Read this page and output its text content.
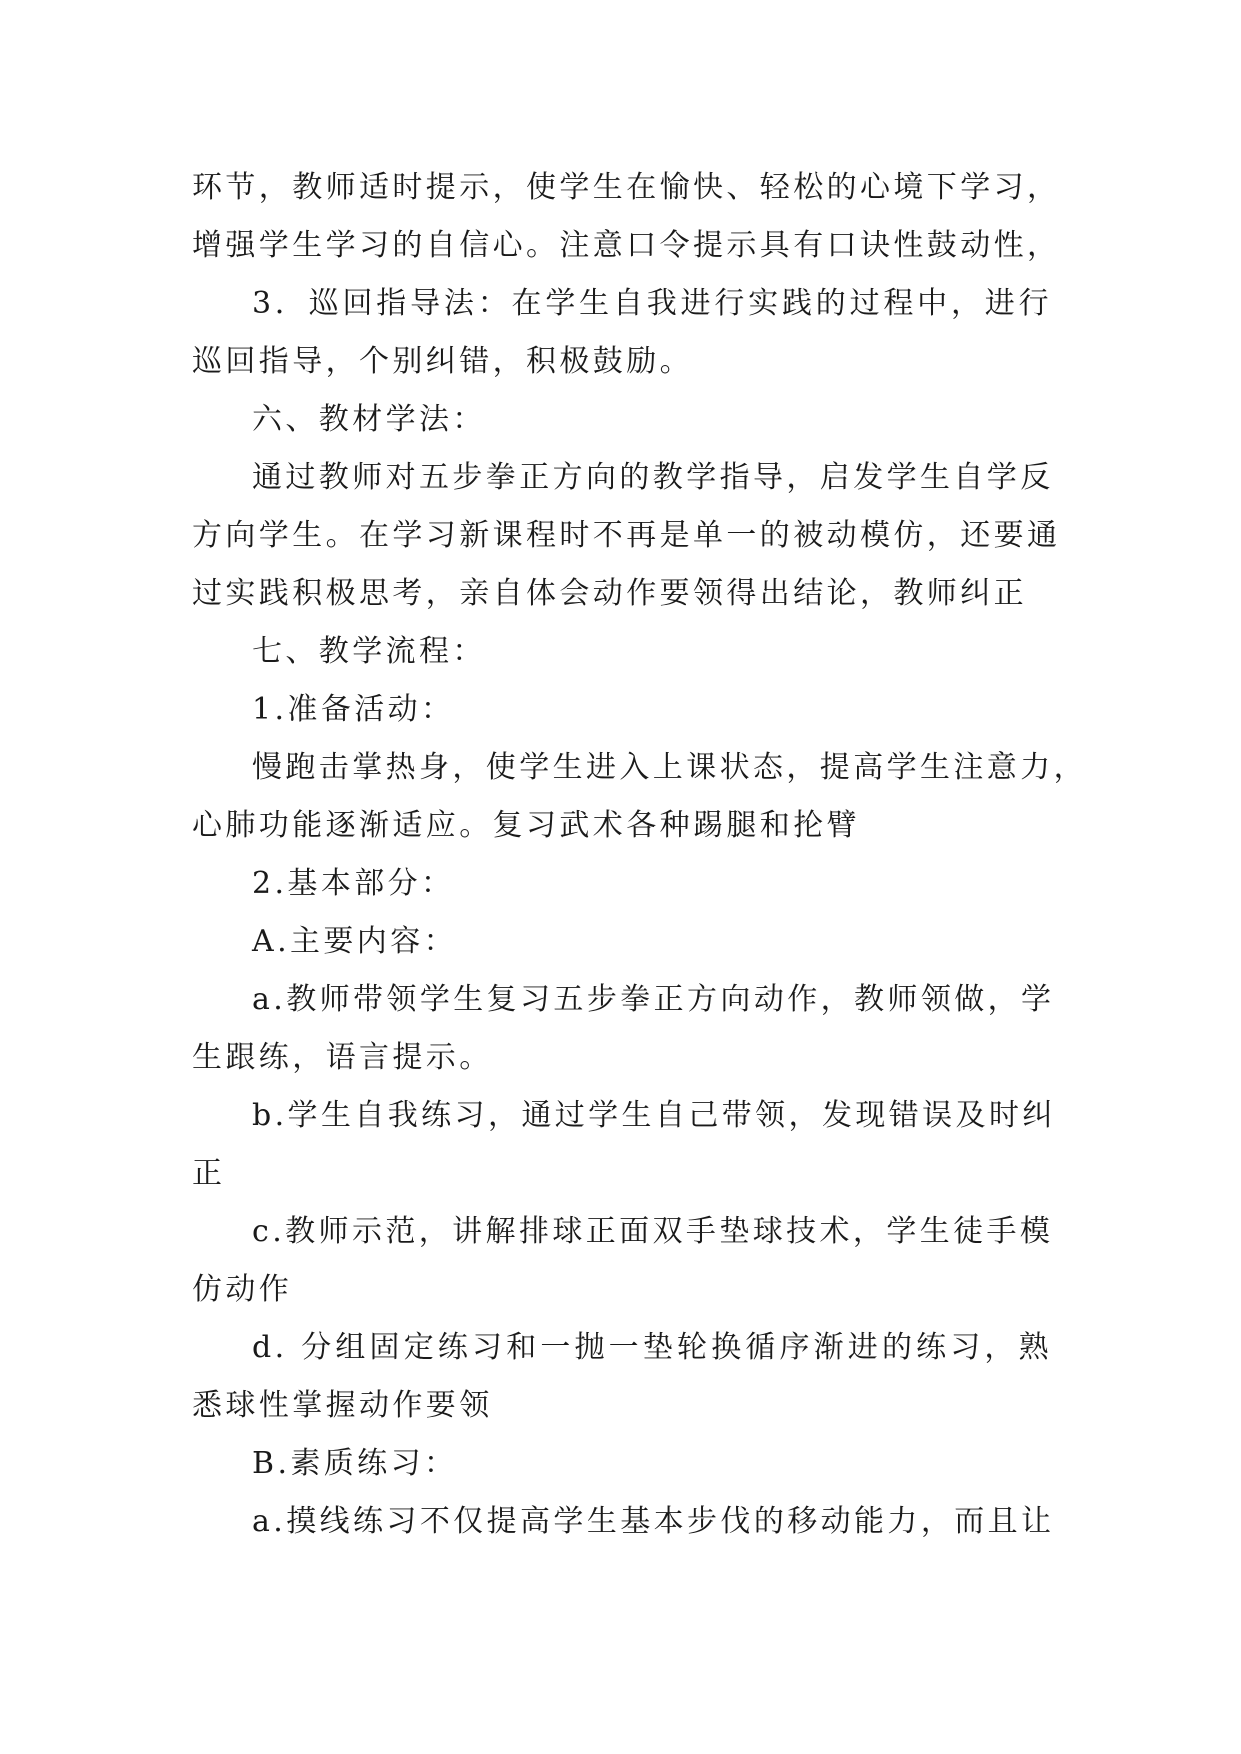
环节，教师适时提示，使学生在愉快、轻松的心境下学习，
增强学生学习的自信心。注意口令提示具有口诀性鼓动性，
3．巡回指导法：在学生自我进行实践的过程中，进行
巡回指导，个别纠错，积极鼓励。
六、教材学法：
通过教师对五步拳正方向的教学指导，启发学生自学反
方向学生。在学习新课程时不再是单一的被动模仿，还要通
过实践积极思考，亲自体会动作要领得出结论，教师纠正
七、教学流程：
1.准备活动：
慢跑击掌热身，使学生进入上课状态，提高学生注意力，
心肺功能逐渐适应。复习武术各种踢腿和抡臂
2.基本部分：
A.主要内容：
a.教师带领学生复习五步拳正方向动作，教师领做，学
生跟练，语言提示。
b.学生自我练习，通过学生自己带领，发现错误及时纠
正
c.教师示范，讲解排球正面双手垫球技术，学生徒手模
仿动作
d. 分组固定练习和一抛一垫轮换循序渐进的练习，熟
悉球性掌握动作要领
B.素质练习：
a.摸线练习不仅提高学生基本步伐的移动能力，而且让
